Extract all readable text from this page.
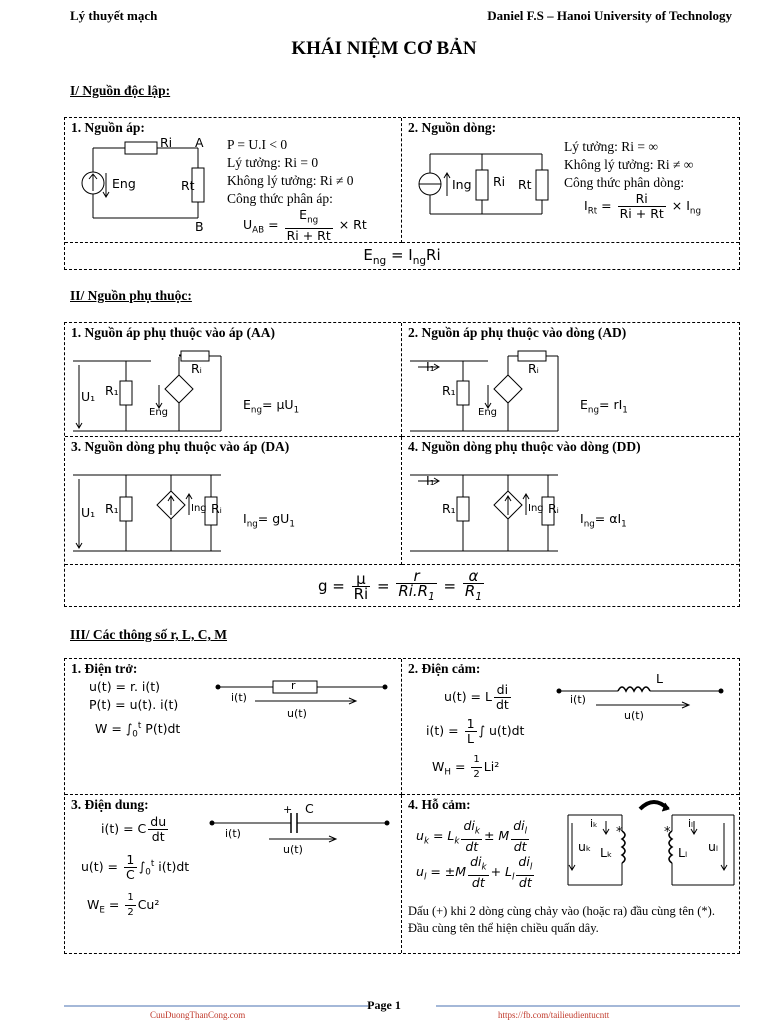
Lý thuyết mạch	Daniel F.S – Hanoi University of Technology
KHÁI NIỆM CƠ BẢN
I/ Nguồn độc lập:
1. Nguồn áp:
Ri A
B
Eng	Rt
P = U.I < 0
Lý tưởng: Ri = 0
Không lý tưởng: Ri ≠ 0
Công thức phân áp:
$U_{AB} = \frac{E_{ng}}{Ri + Rt} \times Rt$
2. Nguồn dòng:
Ing Ri Rt
Lý tưởng: Ri = ∞
Không lý tưởng: Ri ≠ ∞
Công thức phân dòng:
$I_{Rt} = \frac{Ri}{Ri + Rt} \times I_{ng}$
$E_{ng} = I_{ng}Ri$
II/ Nguồn phụ thuộc:
1. Nguồn áp phụ thuộc vào áp (AA)
U₁ R₁
Rᵢ
Eng
$E_{ng}= \mu U_1$
2. Nguồn áp phụ thuộc vào dòng (AD)
I₁
R₁
Rᵢ
Eng
$E_{ng}= rI_1$
3. Nguồn dòng phụ thuộc vào áp (DA)
U₁ R₁	Ing Rᵢ
$I_{ng}= gU_1$
4. Nguồn dòng phụ thuộc vào dòng (DD)
I₁
R₁	Ing Rᵢ
$I_{ng}= \alpha I_1$
$g = \frac{\mu}{Ri} = \frac{r}{Ri.R_1} = \frac{\alpha}{R_1}$
III/ Các thông số r, L, C, M
1. Điện trở:
u(t) = r. i(t)
P(t) = u(t). i(t)
$W = \int_0^t$ P(t)dt
r
i(t)
u(t)
2. Điện cảm:
u(t) = L $\frac{di}{dt}$
$i(t) = \frac{1}{L}$ ∫ u(t)dt
$W_H = \frac{1}{2} Li^2$
L
i(t)
u(t)
3. Điện dung:
i(t) = C $\frac{du}{dt}$
$u(t) = \frac{1}{C} \int_0^t$ i(t)dt
$W_E = \frac{1}{2} Cu^2$
+ C
i(t)
u(t)
4. Hỗ cảm:
$u_k = L_k \frac{di_k}{dt} \pm M \frac{di_l}{dt}$
$u_l = \pm M \frac{di_k}{dt} + L_l \frac{di_l}{dt}$
*	*
iₖ	iₗ
uₖ	uₗ
Lₖ	Lₗ
Dấu (+) khi 2 dòng cùng chảy vào (hoặc ra) đầu cùng tên (*). Đầu cùng tên thể hiện chiều quấn dây.
Page 1
CuuDuongThanCong.com	https://fb.com/tailieudientucntt
